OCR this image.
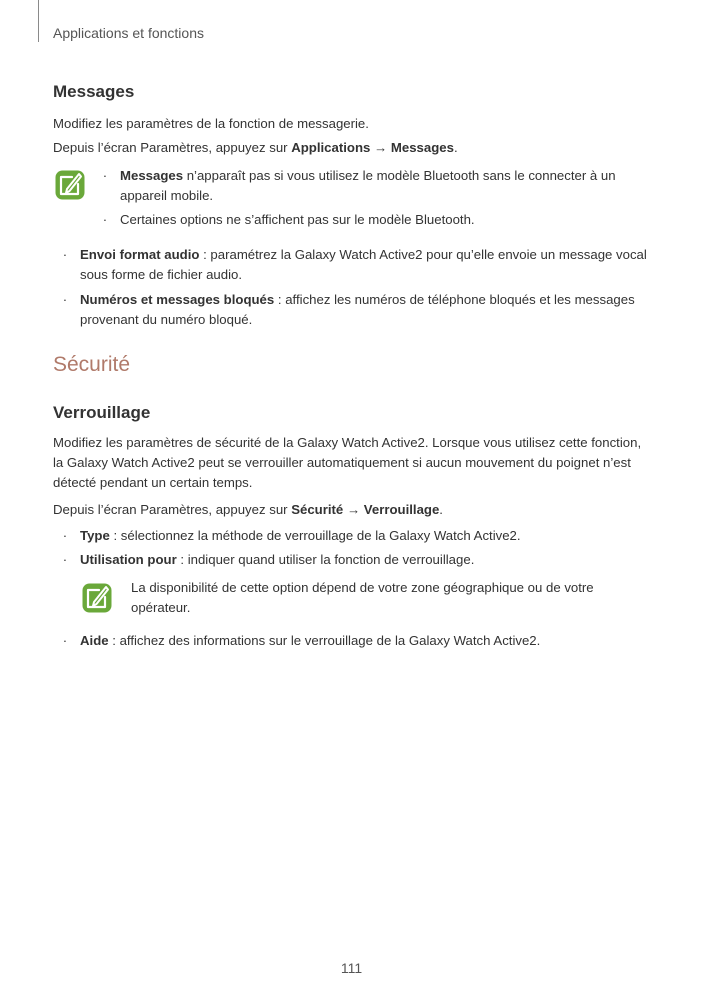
Applications et fonctions
Messages
Modifiez les paramètres de la fonction de messagerie.
Depuis l’écran Paramètres, appuyez sur Applications → Messages.
· Messages n’apparaît pas si vous utilisez le modèle Bluetooth sans le connecter à un appareil mobile.
· Certaines options ne s’affichent pas sur le modèle Bluetooth.
· Envoi format audio : paramétrez la Galaxy Watch Active2 pour qu’elle envoie un message vocal sous forme de fichier audio.
· Numéros et messages bloqués : affichez les numéros de téléphone bloqués et les messages provenant du numéro bloqué.
Sécurité
Verrouillage
Modifiez les paramètres de sécurité de la Galaxy Watch Active2. Lorsque vous utilisez cette fonction, la Galaxy Watch Active2 peut se verrouiller automatiquement si aucun mouvement du poignet n’est détecté pendant un certain temps.
Depuis l’écran Paramètres, appuyez sur Sécurité → Verrouillage.
· Type : sélectionnez la méthode de verrouillage de la Galaxy Watch Active2.
· Utilisation pour : indiquer quand utiliser la fonction de verrouillage.
La disponibilité de cette option dépend de votre zone géographique ou de votre opérateur.
· Aide : affichez des informations sur le verrouillage de la Galaxy Watch Active2.
111
